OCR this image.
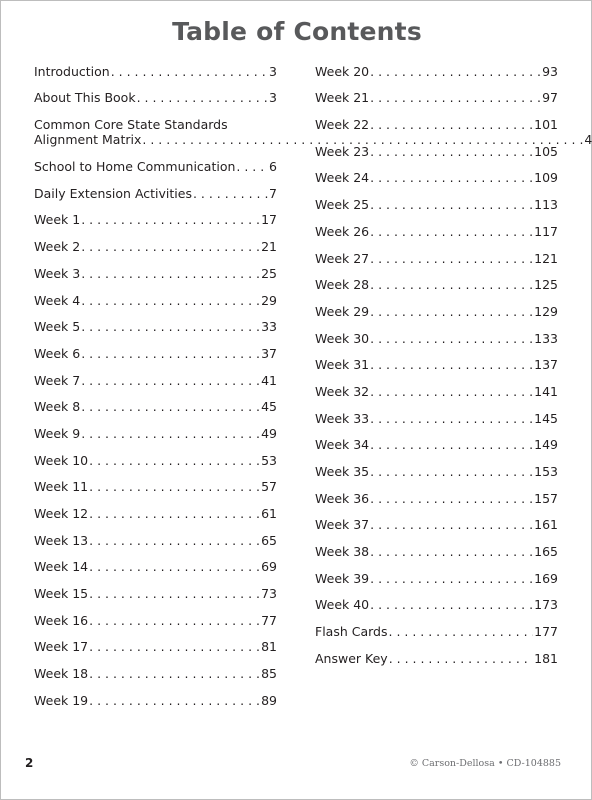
Table of Contents
Introduction . . .	3
About This Book . . .	3
Common Core State Standards
Alignment Matrix . . .	4
School to Home Communication . . .	6
Daily Extension Activities . . .	7
Week 1 . . .	17
Week 2 . . .	21
Week 3 . . .	25
Week 4 . . .	29
Week 5 . . .	33
Week 6 . . .	37
Week 7 . . .	41
Week 8 . . .	45
Week 9 . . .	49
Week 10 . . .	53
Week 11 . . .	57
Week 12 . . .	61
Week 13 . . .	65
Week 14 . . .	69
Week 15 . . .	73
Week 16 . . .	77
Week 17 . . .	81
Week 18 . . .	85
Week 19 . . .	89
Week 20 . . .	93
Week 21 . . .	97
Week 22 . . .	101
Week 23 . . .	105
Week 24 . . .	109
Week 25 . . .	113
Week 26 . . .	117
Week 27 . . .	121
Week 28 . . .	125
Week 29 . . .	129
Week 30 . . .	133
Week 31 . . .	137
Week 32 . . .	141
Week 33 . . .	145
Week 34 . . .	149
Week 35 . . .	153
Week 36 . . .	157
Week 37 . . .	161
Week 38 . . .	165
Week 39 . . .	169
Week 40 . . .	173
Flash Cards . . .	177
Answer Key . . .	181
2	© Carson-Dellosa • CD-104885
